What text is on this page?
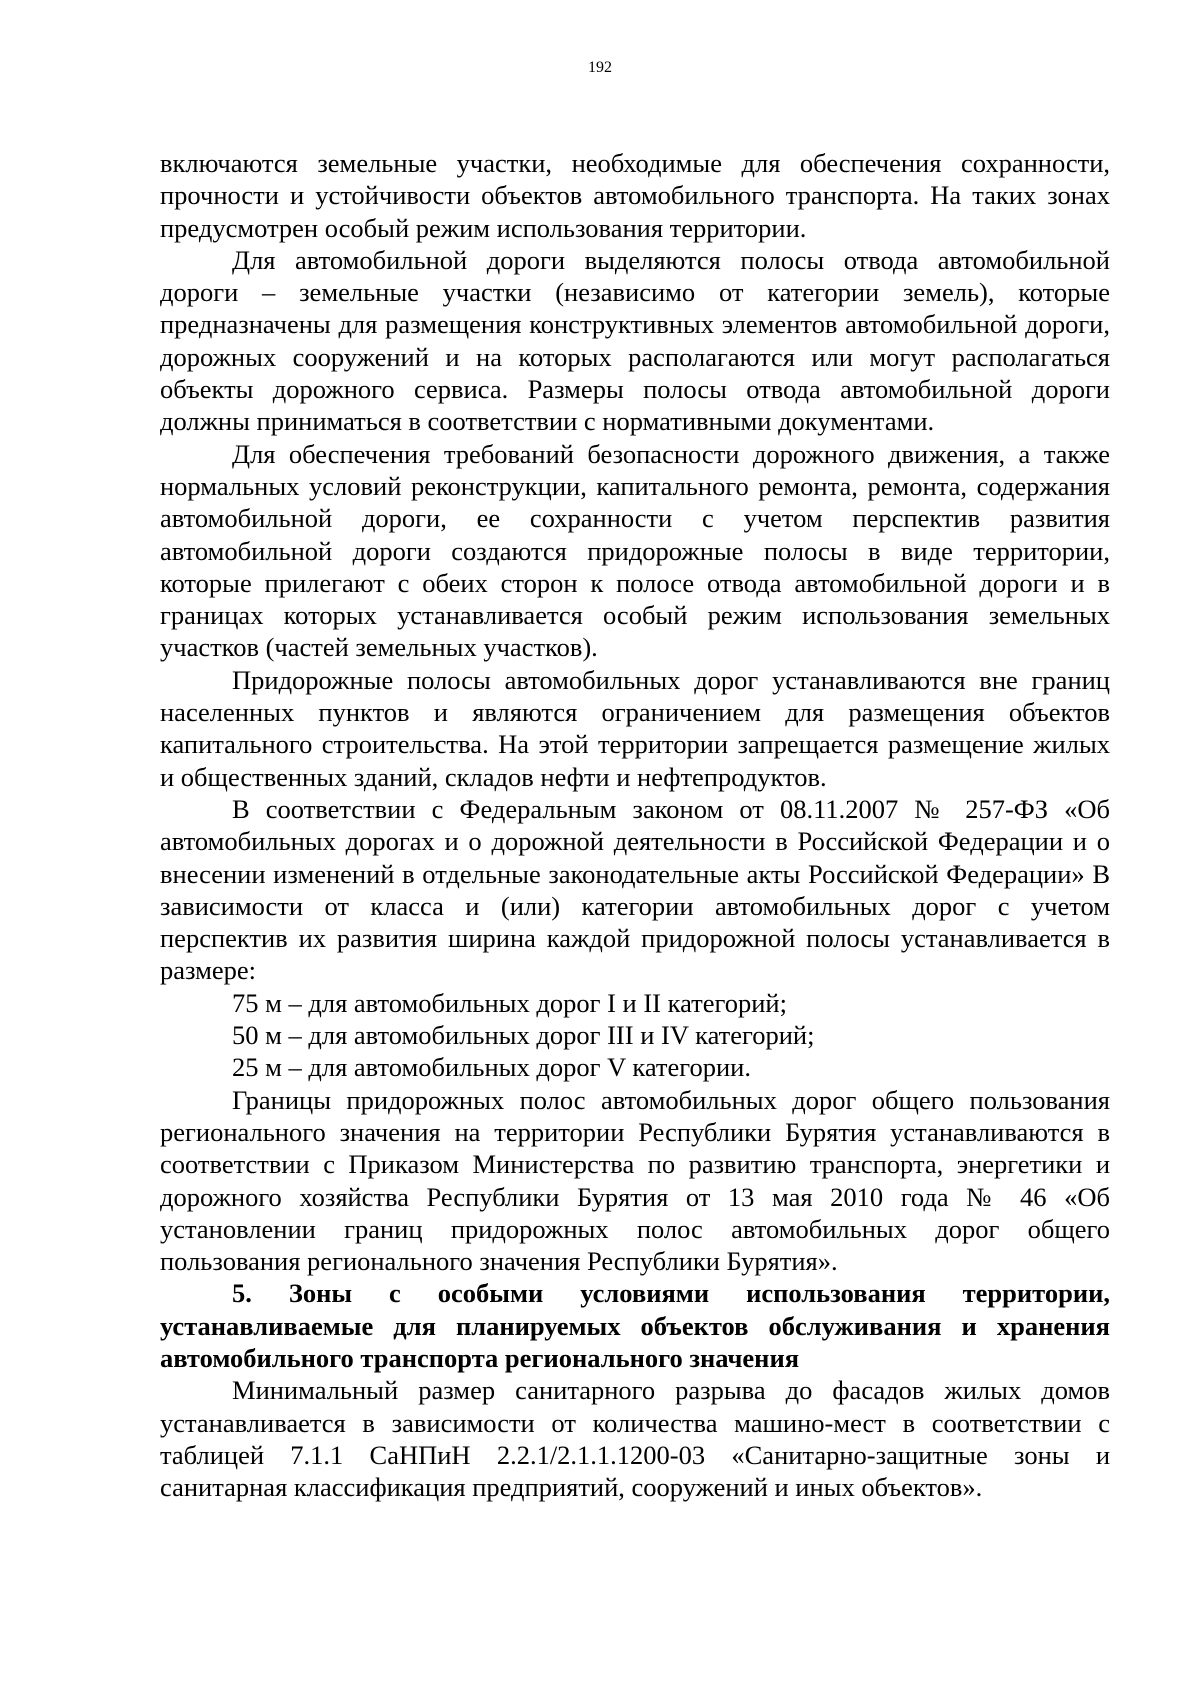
192

включаются земельные участки, необходимые для обеспечения сохранности, прочности и устойчивости объектов автомобильного транспорта. На таких зонах предусмотрен особый режим использования территории.

Для автомобильной дороги выделяются полосы отвода автомобильной дороги – земельные участки (независимо от категории земель), которые предназначены для размещения конструктивных элементов автомобильной дороги, дорожных сооружений и на которых располагаются или могут располагаться объекты дорожного сервиса. Размеры полосы отвода автомобильной дороги должны приниматься в соответствии с нормативными документами.

Для обеспечения требований безопасности дорожного движения, а также нормальных условий реконструкции, капитального ремонта, ремонта, содержания автомобильной дороги, ее сохранности с учетом перспектив развития автомобильной дороги создаются придорожные полосы в виде территории, которые прилегают с обеих сторон к полосе отвода автомобильной дороги и в границах которых устанавливается особый режим использования земельных участков (частей земельных участков).

Придорожные полосы автомобильных дорог устанавливаются вне границ населенных пунктов и являются ограничением для размещения объектов капитального строительства. На этой территории запрещается размещение жилых и общественных зданий, складов нефти и нефтепродуктов.

В соответствии с Федеральным законом от 08.11.2007 № 257-ФЗ «Об автомобильных дорогах и о дорожной деятельности в Российской Федерации и о внесении изменений в отдельные законодательные акты Российской Федерации» В зависимости от класса и (или) категории автомобильных дорог с учетом перспектив их развития ширина каждой придорожной полосы устанавливается в размере:

75 м – для автомобильных дорог I и II категорий;

50 м – для автомобильных дорог III и IV категорий;

25 м – для автомобильных дорог V категории.

Границы придорожных полос автомобильных дорог общего пользования регионального значения на территории Республики Бурятия устанавливаются в соответствии с Приказом Министерства по развитию транспорта, энергетики и дорожного хозяйства Республики Бурятия от 13 мая 2010 года № 46 «Об установлении границ придорожных полос автомобильных дорог общего пользования регионального значения Республики Бурятия».

5. Зоны с особыми условиями использования территории, устанавливаемые для планируемых объектов обслуживания и хранения автомобильного транспорта регионального значения

Минимальный размер санитарного разрыва до фасадов жилых домов устанавливается в зависимости от количества машино-мест в соответствии с таблицей 7.1.1 СаНПиН 2.2.1/2.1.1.1200-03 «Санитарно-защитные зоны и санитарная классификация предприятий, сооружений и иных объектов».
